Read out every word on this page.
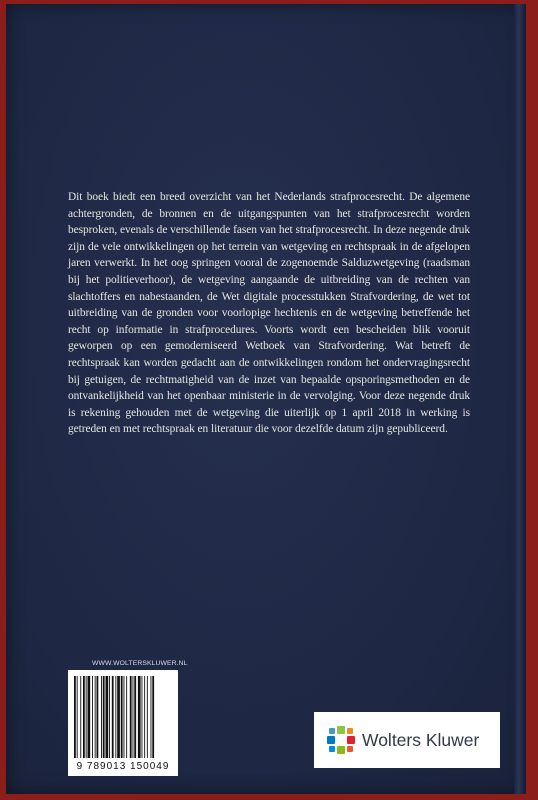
Dit boek biedt een breed overzicht van het Nederlands strafprocesrecht. De algemene achtergronden, de bronnen en de uitgangspunten van het strafprocesrecht worden besproken, evenals de verschillende fasen van het strafprocesrecht. In deze negende druk zijn de vele ontwikkelingen op het terrein van wetgeving en rechtspraak in de afgelopen jaren verwerkt. In het oog springen vooral de zogenoemde Salduzwetgeving (raadsman bij het politieverhoor), de wetgeving aangaande de uitbreiding van de rechten van slachtoffers en nabestaanden, de Wet digitale processtukken Strafvordering, de wet tot uitbreiding van de gronden voor voorlopige hechtenis en de wetgeving betreffende het recht op informatie in strafprocedures. Voorts wordt een bescheiden blik vooruit geworpen op een gemoderniseerd Wetboek van Strafvordering. Wat betreft de rechtspraak kan worden gedacht aan de ontwikkelingen rondom het ondervragingsrecht bij getuigen, de rechtmatigheid van de inzet van bepaalde opsporingsmethoden en de ontvankelijkheid van het openbaar ministerie in de vervolging. Voor deze negende druk is rekening gehouden met de wetgeving die uiterlijk op 1 april 2018 in werking is getreden en met rechtspraak en literatuur die voor dezelfde datum zijn gepubliceerd.

WWW.WOLTERSKLUWER.NL
9 789013 150049
Wolters Kluwer
